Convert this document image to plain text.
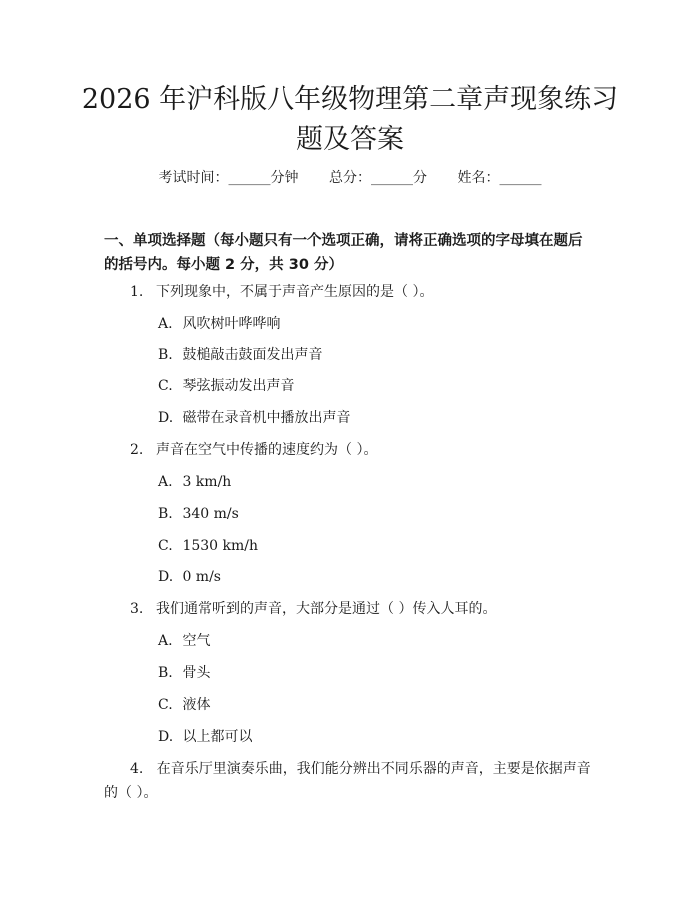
2026 年沪科版八年级物理第二章声现象练习题及答案
考试时间：______分钟 总分：______分 姓名：______
一、单项选择题（每小题只有一个选项正确，请将正确选项的字母填在题后的括号内。每小题 2 分，共 30 分）
1. 下列现象中，不属于声音产生原因的是（ ）。
A. 风吹树叶哗哗响
B. 鼓槌敲击鼓面发出声音
C. 琴弦振动发出声音
D. 磁带在录音机中播放出声音
2. 声音在空气中传播的速度约为（ ）。
A. 3 km/h
B. 340 m/s
C. 1530 km/h
D. 0 m/s
3. 我们通常听到的声音，大部分是通过（ ）传入人耳的。
A. 空气
B. 骨头
C. 液体
D. 以上都可以
4. 在音乐厅里演奏乐曲，我们能分辨出不同乐器的声音，主要是依据声音的（ ）。
